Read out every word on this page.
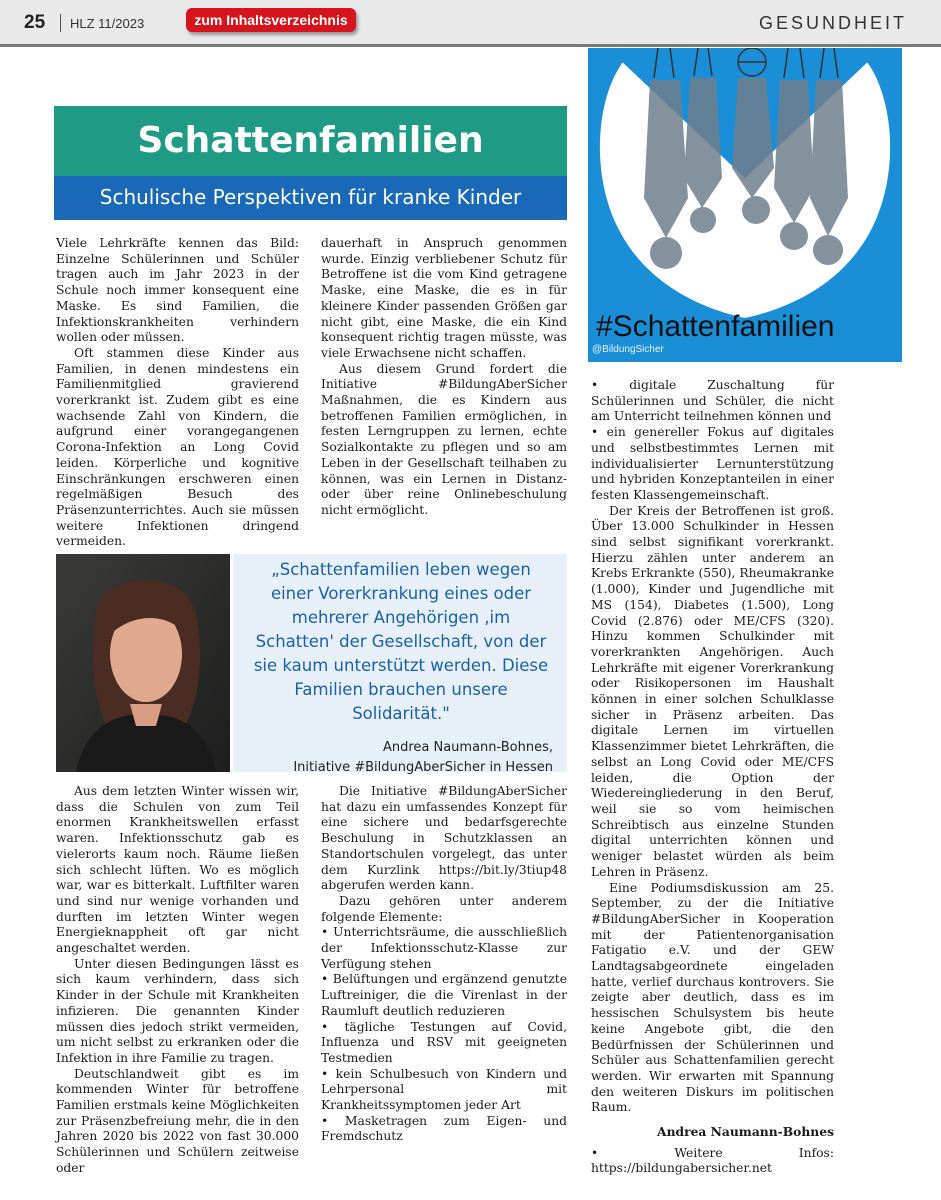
25 HLZ 11/2023	zum Inhaltsverzeichnis	GESUNDHEIT
#Schattenfamilien
@BildungSicher
Schattenfamilien
Schulische Perspektiven für kranke Kinder

Viele Lehrkräfte kennen das Bild: Einzelne Schülerinnen und Schüler tragen auch im Jahr 2023 in der Schule noch immer konsequent eine Maske. Es sind Familien, die Infektionskrankheiten verhindern wollen oder müssen.

Oft stammen diese Kinder aus Familien, in denen mindestens ein Familienmitglied gravierend vorerkrankt ist. Zudem gibt es eine wachsende Zahl von Kindern, die aufgrund einer vorangegangenen Corona-Infektion an Long Covid leiden. Körperliche und kognitive Einschränkungen erschweren einen regelmäßigen Besuch des Präsenzunterrichtes. Auch sie müssen weitere Infektionen dringend vermeiden.

dauerhaft in Anspruch genommen wurde. Einzig verbliebener Schutz für Betroffene ist die vom Kind getragene Maske, eine Maske, die es in für kleinere Kinder passenden Größen gar nicht gibt, eine Maske, die ein Kind konsequent richtig tragen müsste, was viele Erwachsene nicht schaffen.

Aus diesem Grund fordert die Initiative #BildungAberSicher Maßnahmen, die es Kindern aus betroffenen Familien ermöglichen, in festen Lerngruppen zu lernen, echte Sozialkontakte zu pflegen und so am Leben in der Gesellschaft teilhaben zu können, was ein Lernen in Distanz- oder über reine Onlinebeschulung nicht ermöglicht.

„Schattenfamilien leben wegen einer Vorerkrankung eines oder mehrerer Angehörigen ‚im Schatten' der Gesellschaft, von der sie kaum unterstützt werden. Diese Familien brauchen unsere Solidarität."
Andrea Naumann-Bohnes,
Initiative #BildungAberSicher in Hessen

Aus dem letzten Winter wissen wir, dass die Schulen von zum Teil enormen Krankheitswellen erfasst waren. Infektionsschutz gab es vielerorts kaum noch. Räume ließen sich schlecht lüften. Wo es möglich war, war es bitterkalt. Luftfilter waren und sind nur wenige vorhanden und durften im letzten Winter wegen Energieknappheit oft gar nicht angeschaltet werden.

Unter diesen Bedingungen lässt es sich kaum verhindern, dass sich Kinder in der Schule mit Krankheiten infizieren. Die genannten Kinder müssen dies jedoch strikt vermeiden, um nicht selbst zu erkranken oder die Infektion in ihre Familie zu tragen.

Deutschlandweit gibt es im kommenden Winter für betroffene Familien erstmals keine Möglichkeiten zur Präsenzbefreiung mehr, die in den Jahren 2020 bis 2022 von fast 30.000 Schülerinnen und Schülern zeitweise oder

Die Initiative #BildungAberSicher hat dazu ein umfassendes Konzept für eine sichere und bedarfsgerechte Beschulung in Schutzklassen an Standortschulen vorgelegt, das unter dem Kurzlink https://bit.ly/3tiup48 abgerufen werden kann.

Dazu gehören unter anderem folgende Elemente:

• Unterrichtsräume, die ausschließlich der Infektionsschutz-Klasse zur Verfügung stehen
• Belüftungen und ergänzend genutzte Luftreiniger, die die Virenlast in der Raumluft deutlich reduzieren
• tägliche Testungen auf Covid, Influenza und RSV mit geeigneten Testmedien
• kein Schulbesuch von Kindern und Lehrpersonal mit Krankheitssymptomen jeder Art
• Masketragen zum Eigen- und Fremdschutz
• digitale Zuschaltung für Schülerinnen und Schüler, die nicht am Unterricht teilnehmen können und
• ein genereller Fokus auf digitales und selbstbestimmtes Lernen mit individualisierter Lernunterstützung und hybriden Konzeptanteilen in einer festen Klassengemeinschaft.

Der Kreis der Betroffenen ist groß. Über 13.000 Schulkinder in Hessen sind selbst signifikant vorerkrankt. Hierzu zählen unter anderem an Krebs Erkrankte (550), Rheumakranke (1.000), Kinder und Jugendliche mit MS (154), Diabetes (1.500), Long Covid (2.876) oder ME/CFS (320). Hinzu kommen Schulkinder mit vorerkrankten Angehörigen. Auch Lehrkräfte mit eigener Vorerkrankung oder Risikopersonen im Haushalt können in einer solchen Schulklasse sicher in Präsenz arbeiten. Das digitale Lernen im virtuellen Klassenzimmer bietet Lehrkräften, die selbst an Long Covid oder ME/CFS leiden, die Option der Wiedereingliederung in den Beruf, weil sie so vom heimischen Schreibtisch aus einzelne Stunden digital unterrichten können und weniger belastet würden als beim Lehren in Präsenz.

Eine Podiumsdiskussion am 25. September, zu der die Initiative #BildungAberSicher in Kooperation mit der Patientenorganisation Fatigatio e.V. und der GEW Landtagsabgeordnete eingeladen hatte, verlief durchaus kontrovers. Sie zeigte aber deutlich, dass es im hessischen Schulsystem bis heute keine Angebote gibt, die den Bedürfnissen der Schülerinnen und Schüler aus Schattenfamilien gerecht werden. Wir erwarten mit Spannung den weiteren Diskurs im politischen Raum.

Andrea Naumann-Bohnes
• Weitere Infos: https://bildungabersicher.net
